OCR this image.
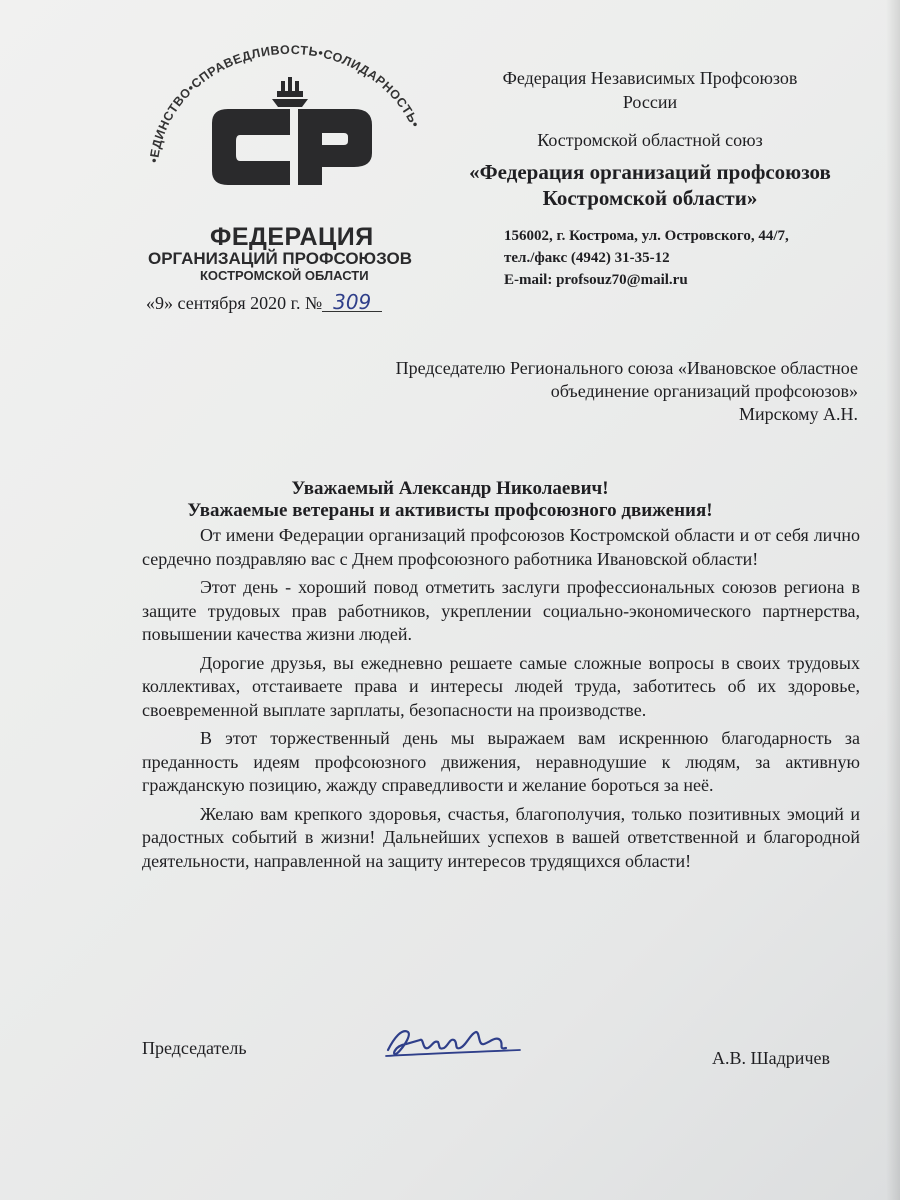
•ЕДИНСТВО•СПРАВЕДЛИВОСТЬ•СОЛИДАРНОСТЬ•
ФЕДЕРАЦИЯ
ОРГАНИЗАЦИЙ ПРОФСОЮЗОВ
КОСТРОМСКОЙ ОБЛАСТИ
Федерация Независимых Профсоюзов
России
Костромской областной союз
«Федерация организаций профсоюзов
Костромской области»
156002, г. Кострома, ул. Островского, 44/7,
тел./факс (4942) 31-35-12
E-mail: profsouz70@mail.ru
«9» сентября 2020 г. № 309
Председателю Регионального союза «Ивановское областное
объединение организаций профсоюзов»
Мирскому А.Н.
Уважаемый Александр Николаевич!
Уважаемые ветераны и активисты профсоюзного движения!

От имени Федерации организаций профсоюзов Костромской области и от себя лично сердечно поздравляю вас с Днем профсоюзного работника Ивановской области!

Этот день - хороший повод отметить заслуги профессиональных союзов региона в защите трудовых прав работников, укреплении социально-экономического партнерства, повышении качества жизни людей.

Дорогие друзья, вы ежедневно решаете самые сложные вопросы в своих трудовых коллективах, отстаиваете права и интересы людей труда, заботитесь об их здоровье, своевременной выплате зарплаты, безопасности на производстве.

В этот торжественный день мы выражаем вам искреннюю благодарность за преданность идеям профсоюзного движения, неравнодушие к людям, за активную гражданскую позицию, жажду справедливости и желание бороться за неё.

Желаю вам крепкого здоровья, счастья, благополучия, только позитивных эмоций и радостных событий в жизни! Дальнейших успехов в вашей ответственной и благородной деятельности, направленной на защиту интересов трудящихся области!

Председатель	А.В. Шадричев
